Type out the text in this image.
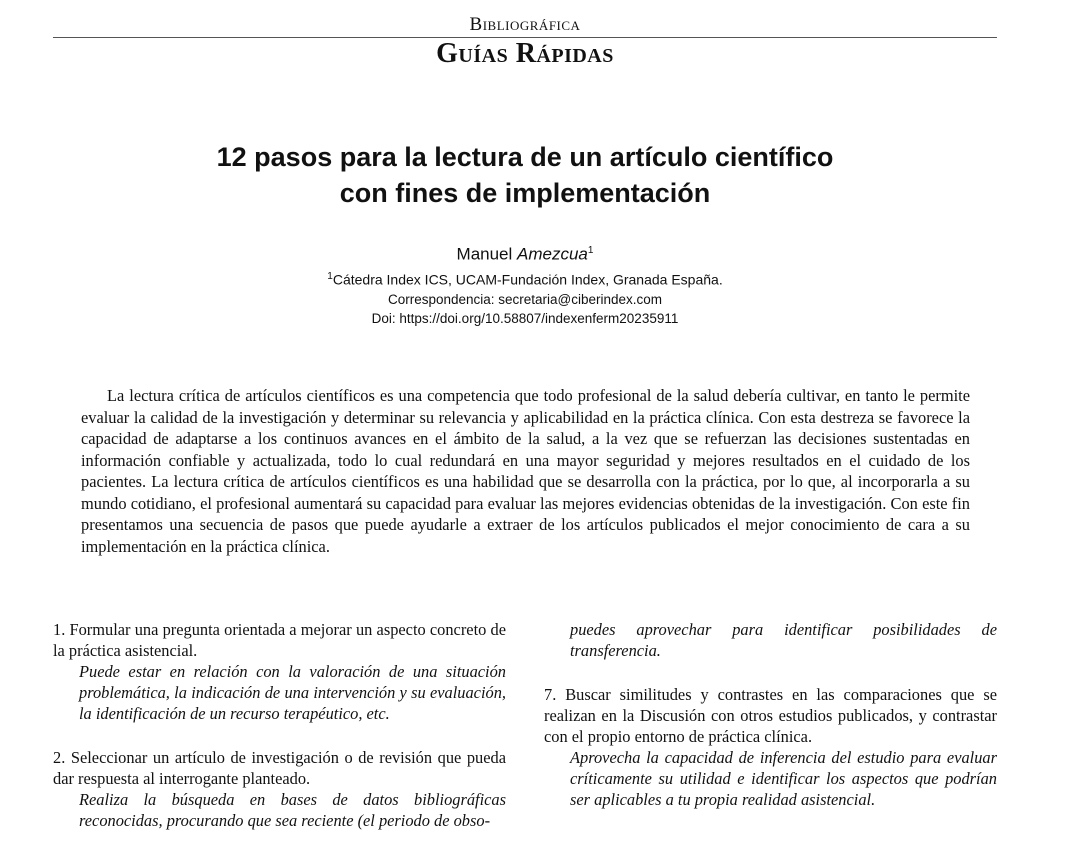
Bibliográfica
Guías Rápidas
12 pasos para la lectura de un artículo científico
con fines de implementación
Manuel Amezcua$^1$
$^1$Cátedra Index ICS, UCAM-Fundación Index, Granada España.
Correspondencia: secretaria@ciberindex.com
Doi: https://doi.org/10.58807/indexenferm20235911

La lectura crítica de artículos científicos es una competencia que todo profesional de la salud debería cultivar, en tanto le permite evaluar la calidad de la investigación y determinar su relevancia y aplicabilidad en la práctica clínica. Con esta destreza se favorece la capacidad de adaptarse a los continuos avances en el ámbito de la salud, a la vez que se refuerzan las decisiones sustentadas en información confiable y actualizada, todo lo cual redundará en una mayor seguridad y mejores resultados en el cuidado de los pacientes. La lectura crítica de artículos científicos es una habilidad que se desarrolla con la práctica, por lo que, al incorporarla a su mundo cotidiano, el profesional aumentará su capacidad para evaluar las mejores evidencias obtenidas de la investigación. Con este fin presentamos una secuencia de pasos que puede ayudarle a extraer de los artículos publicados el mejor conocimiento de cara a su implementación en la práctica clínica.

1. Formular una pregunta orientada a mejorar un aspecto concreto de la práctica asistencial.
Puede estar en relación con la valoración de una situación problemática, la indicación de una intervención y su evaluación, la identificación de un recurso terapéutico, etc.
2. Seleccionar un artículo de investigación o de revisión que pueda dar respuesta al interrogante planteado.
Realiza la búsqueda en bases de datos bibliográficas reconocidas, procurando que sea reciente (el periodo de obso-
puedes aprovechar para identificar posibilidades de transferencia.
7. Buscar similitudes y contrastes en las comparaciones que se realizan en la Discusión con otros estudios publicados, y contrastar con el propio entorno de práctica clínica.
Aprovecha la capacidad de inferencia del estudio para evaluar críticamente su utilidad e identificar los aspectos que podrían ser aplicables a tu propia realidad asistencial.
